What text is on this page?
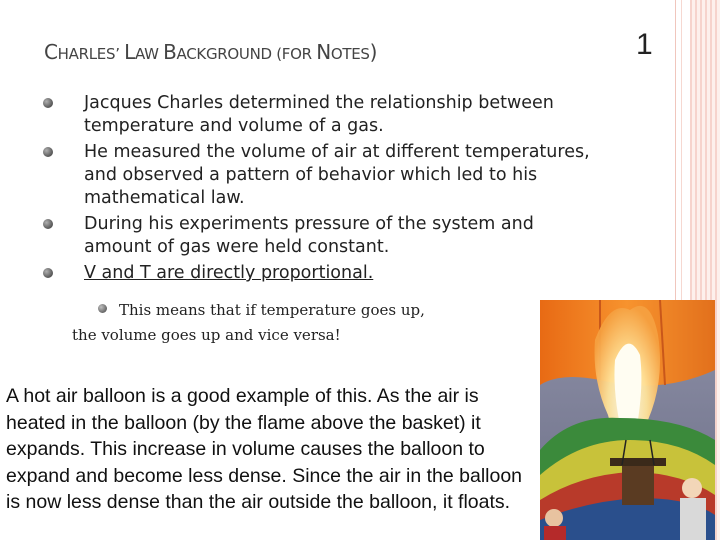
CHARLES’ LAW BACKGROUND (FOR NOTES)	1
Jacques Charles determined the relationship between temperature and volume of a gas.
He measured the volume of air at different temperatures, and observed a pattern of behavior which led to his mathematical law.
During his experiments pressure of the system and amount of gas were held constant.
V and T are directly proportional.
This means that if temperature goes up,
the volume goes up and vice versa!
A hot air balloon is a good example of this. As the air is heated in the balloon (by the flame above the basket) it expands. This increase in volume causes the balloon to expand and become less dense. Since the air in the balloon is now less dense than the air outside the balloon, it floats.
